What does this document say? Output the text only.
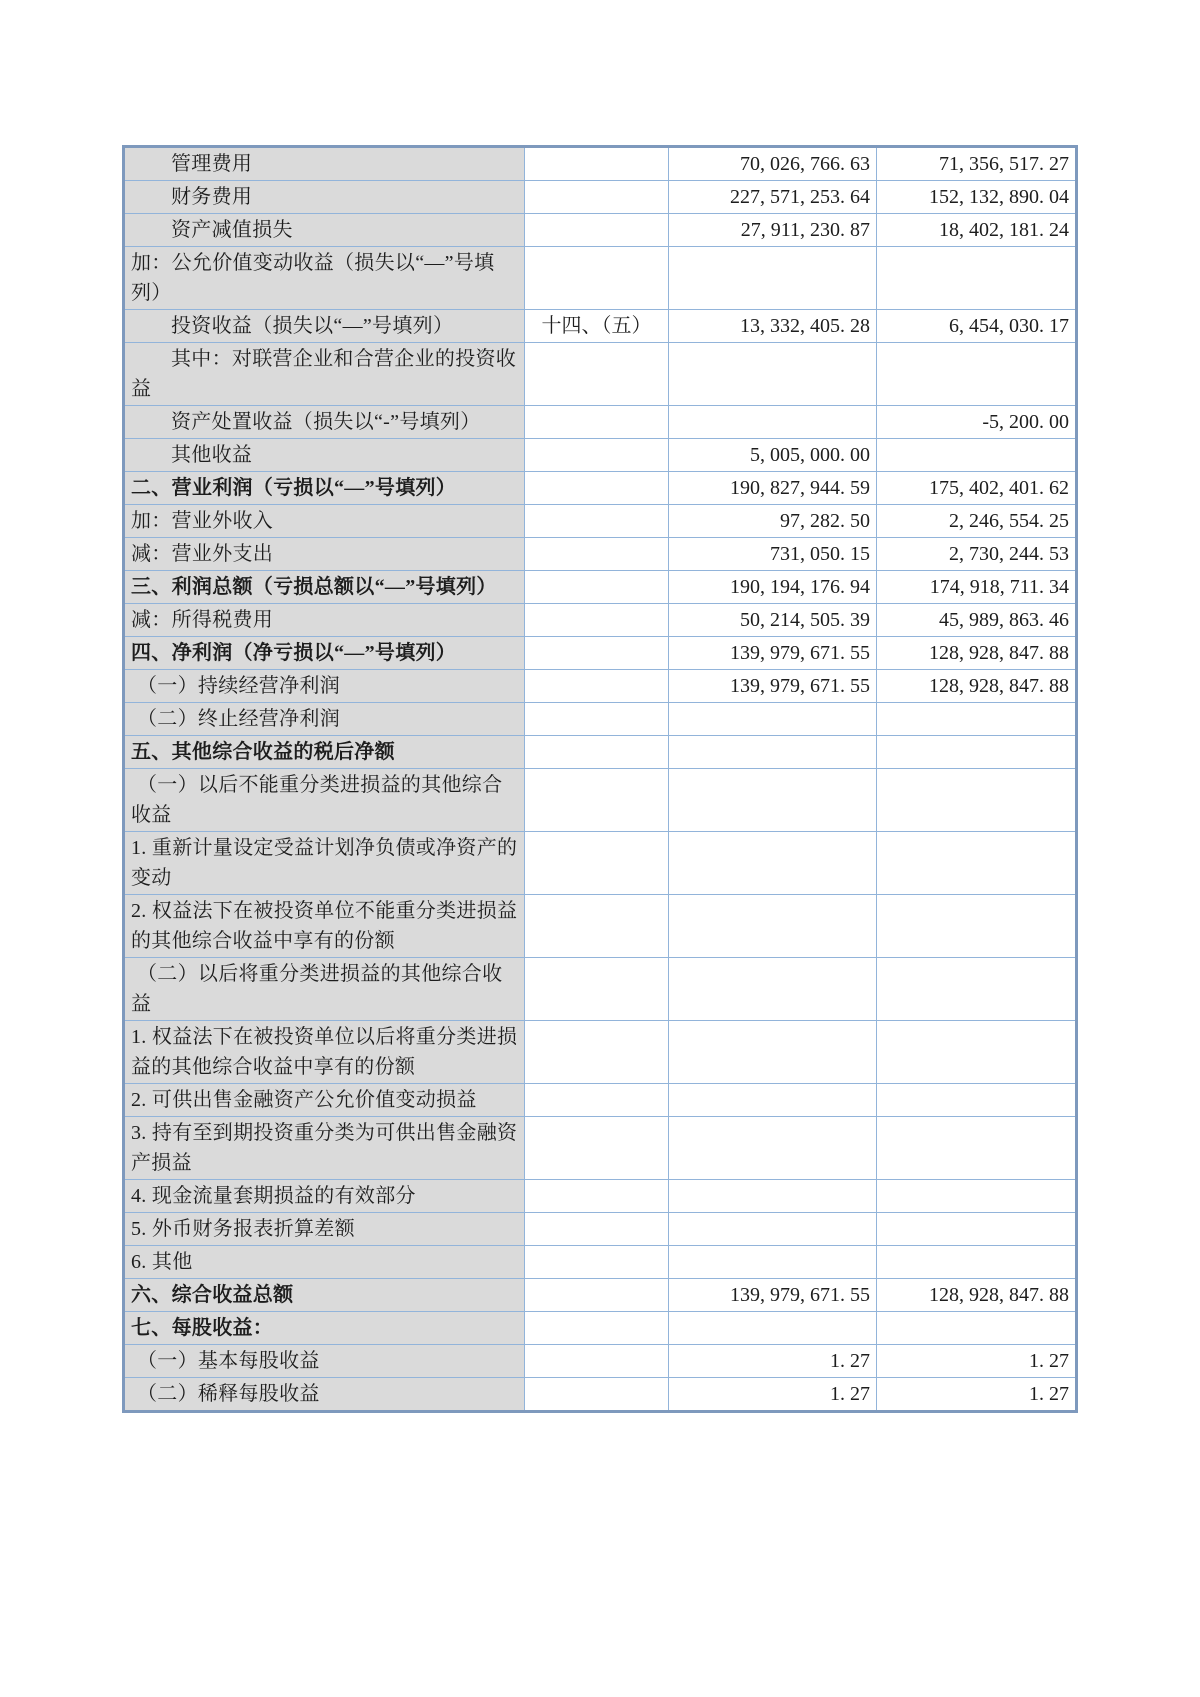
管理费用		70, 026, 766. 63	71, 356, 517. 27
财务费用		227, 571, 253. 64	152, 132, 890. 04
资产减值损失		27, 911, 230. 87	18, 402, 181. 24
加：公允价值变动收益（损失以“—”号填列）			
投资收益（损失以“—”号填列）	十四、（五）	13, 332, 405. 28	6, 454, 030. 17
其中：对联营企业和合营企业的投资收益			
资产处置收益（损失以“-”号填列）			-5, 200. 00
其他收益		5, 005, 000. 00	
二、营业利润（亏损以“—”号填列）		190, 827, 944. 59	175, 402, 401. 62
加：营业外收入		97, 282. 50	2, 246, 554. 25
减：营业外支出		731, 050. 15	2, 730, 244. 53
三、利润总额（亏损总额以“—”号填列）		190, 194, 176. 94	174, 918, 711. 34
减：所得税费用		50, 214, 505. 39	45, 989, 863. 46
四、净利润（净亏损以“—”号填列）		139, 979, 671. 55	128, 928, 847. 88
（一）持续经营净利润		139, 979, 671. 55	128, 928, 847. 88
（二）终止经营净利润			
五、其他综合收益的税后净额			
（一）以后不能重分类进损益的其他综合收益			
1. 重新计量设定受益计划净负债或净资产的变动			
2. 权益法下在被投资单位不能重分类进损益的其他综合收益中享有的份额			
（二）以后将重分类进损益的其他综合收益			
1. 权益法下在被投资单位以后将重分类进损益的其他综合收益中享有的份额			
2. 可供出售金融资产公允价值变动损益			
3. 持有至到期投资重分类为可供出售金融资产损益			
4. 现金流量套期损益的有效部分			
5. 外币财务报表折算差额			
6. 其他			
六、综合收益总额		139, 979, 671. 55	128, 928, 847. 88
七、每股收益：			
（一）基本每股收益		1. 27	1. 27
（二）稀释每股收益		1. 27	1. 27
